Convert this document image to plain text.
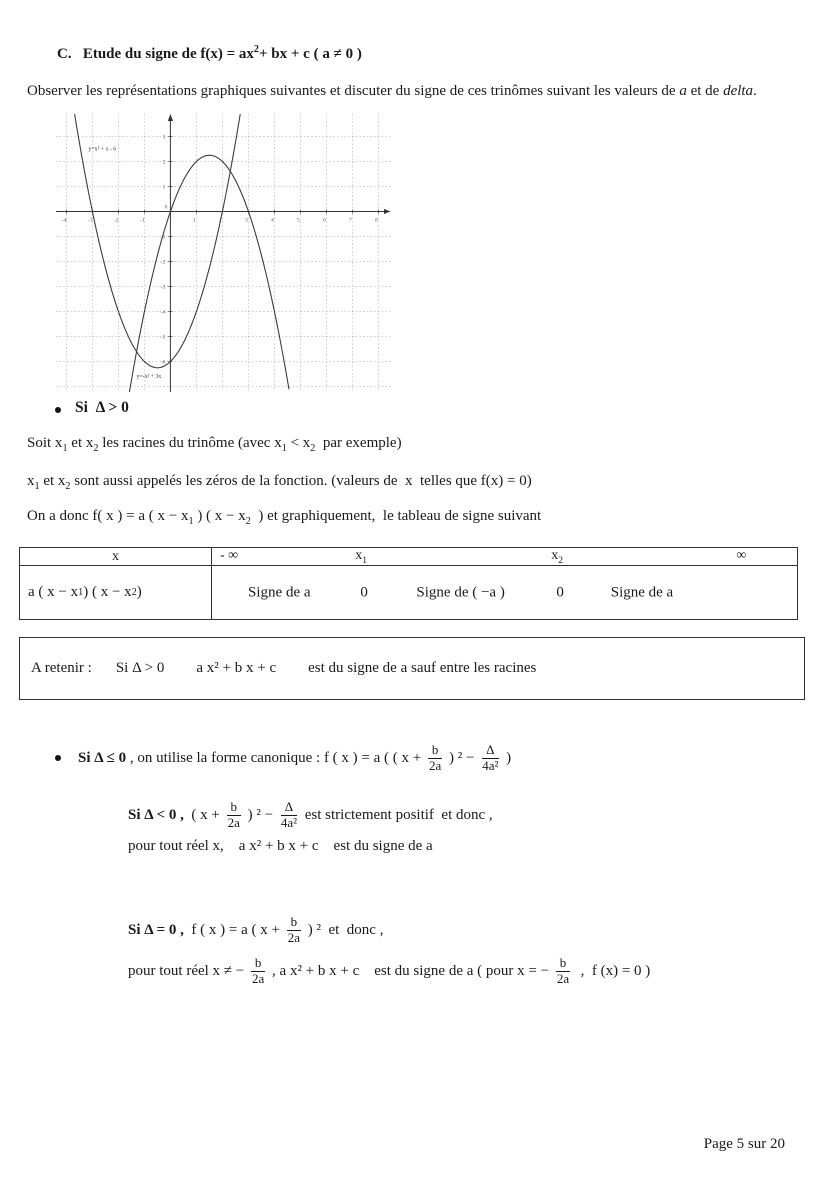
C.   Etude du signe de $f(x) = ax^2+$ bx + c ( a ≠ 0 )
Observer les représentations graphiques suivantes et discuter du signe de ces trinômes suivant les valeurs de a et de delta.
-4	-3	-2	-1	1	2	3	4	5	6	7	8
3
2
1
-1
-2
-3
-4
-5
-6
0
y=x² + x - 6
y=-x² + 3x
Si  Δ > 0
Soit $x_1$ et $x_2$ les racines du trinôme (avec $x_1 < x_2$  par exemple)
$x_1$ et $x_2$ sont aussi appelés les zéros de la fonction. (valeurs de  x  telles que f(x) = 0)
On a donc f( x ) = a ( $x - x_1$ ) ( $x - x_2$  ) et graphiquement,  le tableau de signe suivant
x	- ∞	$x_1$	$x_2$	∞
a ( x − x 1 ) ( x − x 2 )	Signe de a	0	Signe de ( −a )	0	Signe de a
A retenir : Si Δ > 0 a x² + b x + c est du signe de a sauf entre les racines
Si Δ ≤ 0 , on utilise la forme canonique : f ( x ) = a ( ( $x + \frac{b}{2a}$ ) $^2 - \frac{\Delta}{\text{4a²}}$ )
Si Δ < 0 , ( $x + \frac{b}{2a}$ ) $^2 - \frac{\Delta}{\text{4a²}}$ est strictement positif  et donc ,
pour tout réel x,    a x² + b x + c    est du signe de a
Si Δ = 0 , f ( x ) = a ( $x + \frac{b}{2a}$ ) ²  et  donc ,
pour tout réel x ≠ − $\frac{b}{2a}$ , a x² + b x + c    est du signe de a ( pour x = − $\frac{b}{2a}$ ,  f (x) = 0 )
Page 5 sur 20
